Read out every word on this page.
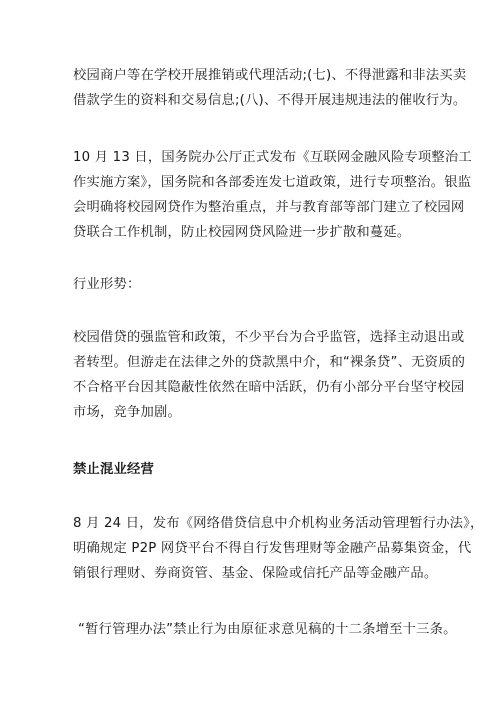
校园商户等在学校开展推销或代理活动;(七)、不得泄露和非法买卖
借款学生的资料和交易信息;(八)、不得开展违规违法的催收行为。

10 月 13 日，国务院办公厅正式发布《互联网金融风险专项整治工
作实施方案》，国务院和各部委连发七道政策，进行专项整治。银监
会明确将校园网贷作为整治重点，并与教育部等部门建立了校园网
贷联合工作机制，防止校园网贷风险进一步扩散和蔓延。

行业形势：

校园借贷的强监管和政策，不少平台为合乎监管，选择主动退出或
者转型。但游走在法律之外的贷款黑中介，和“裸条贷”、无资质的
不合格平台因其隐蔽性依然在暗中活跃，仍有小部分平台坚守校园
市场，竞争加剧。

禁止混业经营

8 月 24 日，发布《网络借贷信息中介机构业务活动管理暂行办法》，
明确规定 P2P 网贷平台不得自行发售理财等金融产品募集资金，代
销银行理财、券商资管、基金、保险或信托产品等金融产品。

“暂行管理办法”禁止行为由原征求意见稿的十二条增至十三条。
